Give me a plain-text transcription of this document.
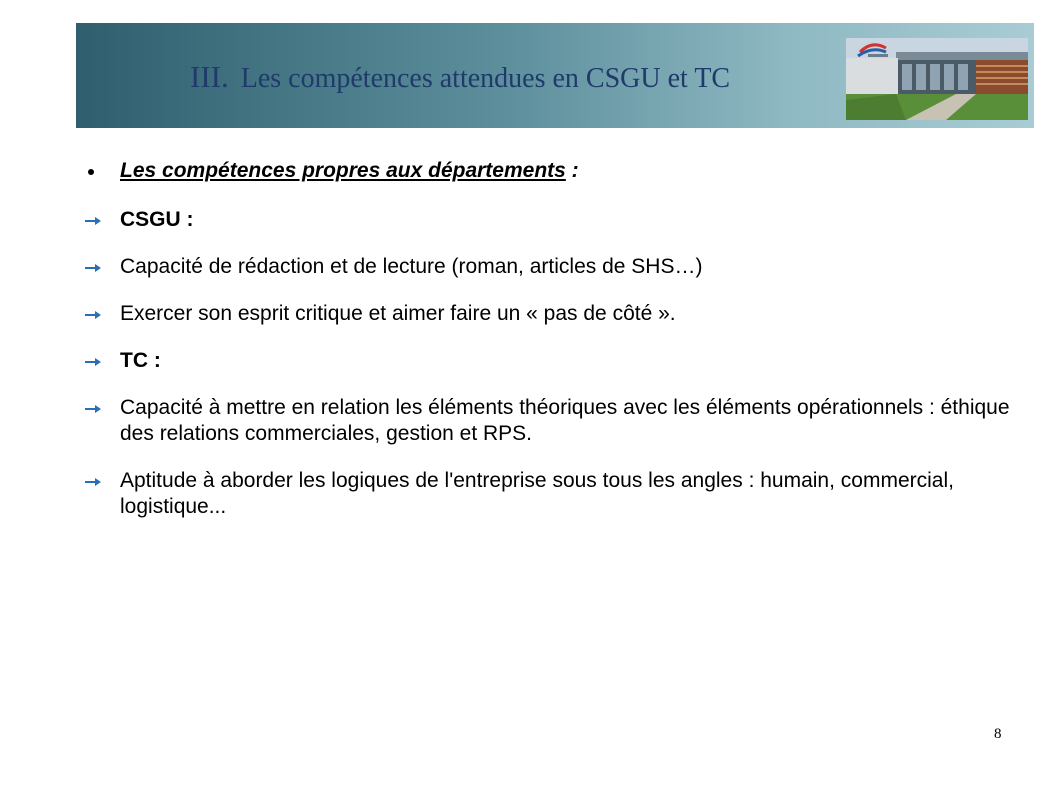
III. Les compétences attendues en CSGU et TC
Les compétences propres aux départements :
CSGU :
Capacité de rédaction et de lecture (roman, articles de SHS…)
Exercer son esprit critique et aimer faire un « pas de côté ».
TC :
Capacité à mettre en relation les éléments théoriques avec les éléments opérationnels : éthique des relations commerciales, gestion et RPS.
Aptitude à aborder les logiques de l'entreprise sous tous les angles : humain, commercial, logistique...
8
